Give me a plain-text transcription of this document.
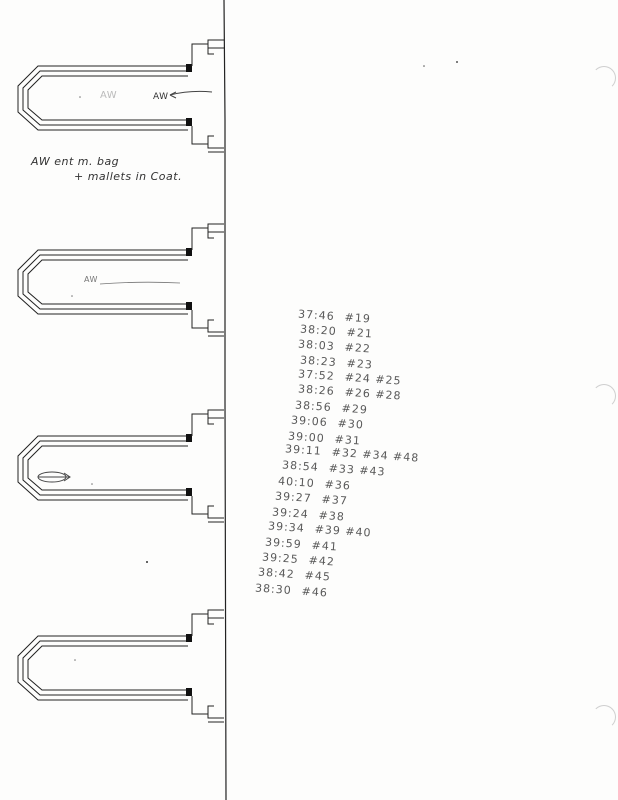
AW	AW
AW ent m. bag
+ mallets in Coat.
AW
37:46 #19
38:20 #21
38:03 #22
38:23 #23
37:52 #24 #25
38:26 #26 #28
38:56 #29
39:06 #30
39:00 #31
39:11 #32 #34 #48
38:54 #33 #43
40:10 #36
39:27 #37
39:24 #38
39:34 #39 #40
39:59 #41
39:25 #42
38:42 #45
38:30 #46
